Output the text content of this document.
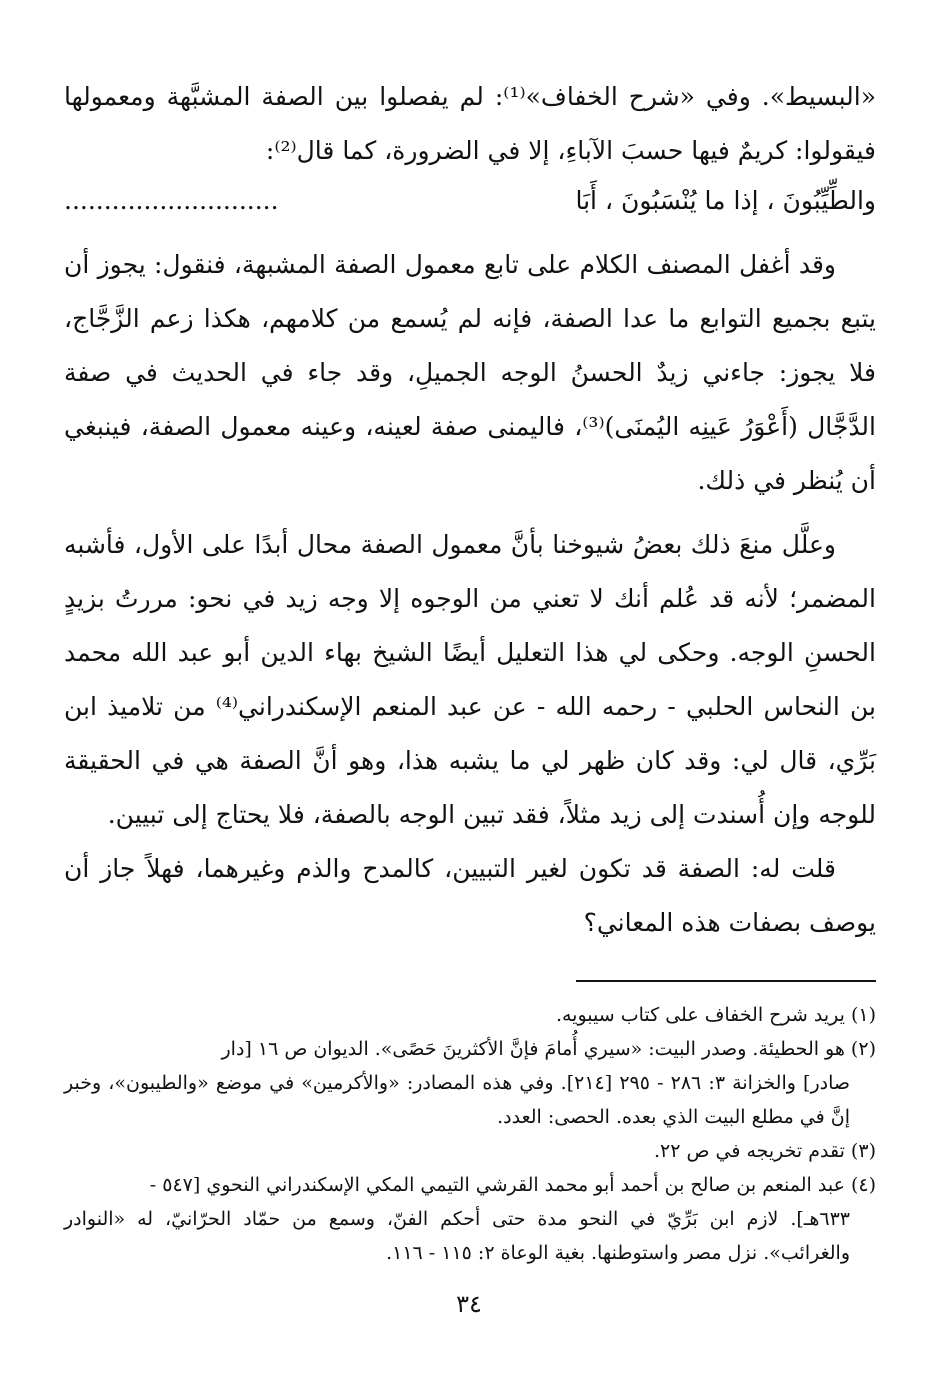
«البسيط». وفي «شرح الخفاف»⁽¹⁾: لم يفصلوا بين الصفة المشبَّهة ومعمولها فيقولوا: كريمٌ فيها حسبَ الآباءِ، إلا في الضرورة، كما قال⁽²⁾:

والطِّيِّبُونَ ، إذا ما يُنْسَبُونَ ، أَبَا
...........................

وقد أغفل المصنف الكلام على تابع معمول الصفة المشبهة، فنقول: يجوز أن يتبع بجميع التوابع ما عدا الصفة، فإنه لم يُسمع من كلامهم، هكذا زعم الزَّجَّاج، فلا يجوز: جاءني زيدٌ الحسنُ الوجه الجميلِ، وقد جاء في الحديث في صفة الدَّجَّال (أَعْوَرُ عَينِه اليُمنَى)⁽³⁾، فاليمنى صفة لعينه، وعينه معمول الصفة، فينبغي أن يُنظر في ذلك.

وعلَّل منعَ ذلك بعضُ شيوخنا بأنَّ معمول الصفة محال أبدًا على الأول، فأشبه المضمر؛ لأنه قد عُلم أنك لا تعني من الوجوه إلا وجه زيد في نحو: مررتُ بزيدٍ الحسنِ الوجه. وحكى لي هذا التعليل أيضًا الشيخ بهاء الدين أبو عبد الله محمد بن النحاس الحلبي - رحمه الله - عن عبد المنعم الإسكندراني⁽⁴⁾ من تلاميذ ابن بَرِّي، قال لي: وقد كان ظهر لي ما يشبه هذا، وهو أنَّ الصفة هي في الحقيقة للوجه وإن أُسندت إلى زيد مثلاً، فقد تبين الوجه بالصفة، فلا يحتاج إلى تبيين.

قلت له: الصفة قد تكون لغير التبيين، كالمدح والذم وغيرهما، فهلاً جاز أن يوصف بصفات هذه المعاني؟

(١) يريد شرح الخفاف على كتاب سيبويه.

(٢) هو الحطيئة. وصدر البيت: «سيري أُمامَ فإنَّ الأكثرينَ حَصًى». الديوان ص ١٦ [دار
صادر] والخزانة ٣: ٢٨٦ - ٢٩٥ [٢١٤]. وفي هذه المصادر: «والأكرمين» في موضع «والطيبون»، وخبر إنَّ في مطلع البيت الذي بعده. الحصى: العدد.

(٣) تقدم تخريجه في ص ٢٢.

(٤) عبد المنعم بن صالح بن أحمد أبو محمد القرشي التيمي المكي الإسكندراني النحوي [٥٤٧ -
٦٣٣هـ]. لازم ابن بَرِّيّ في النحو مدة حتى أحكم الفنّ، وسمع من حمّاد الحرّانيّ، له «النوادر والغرائب». نزل مصر واستوطنها. بغية الوعاة ٢: ١١٥ - ١١٦.

٣٤
